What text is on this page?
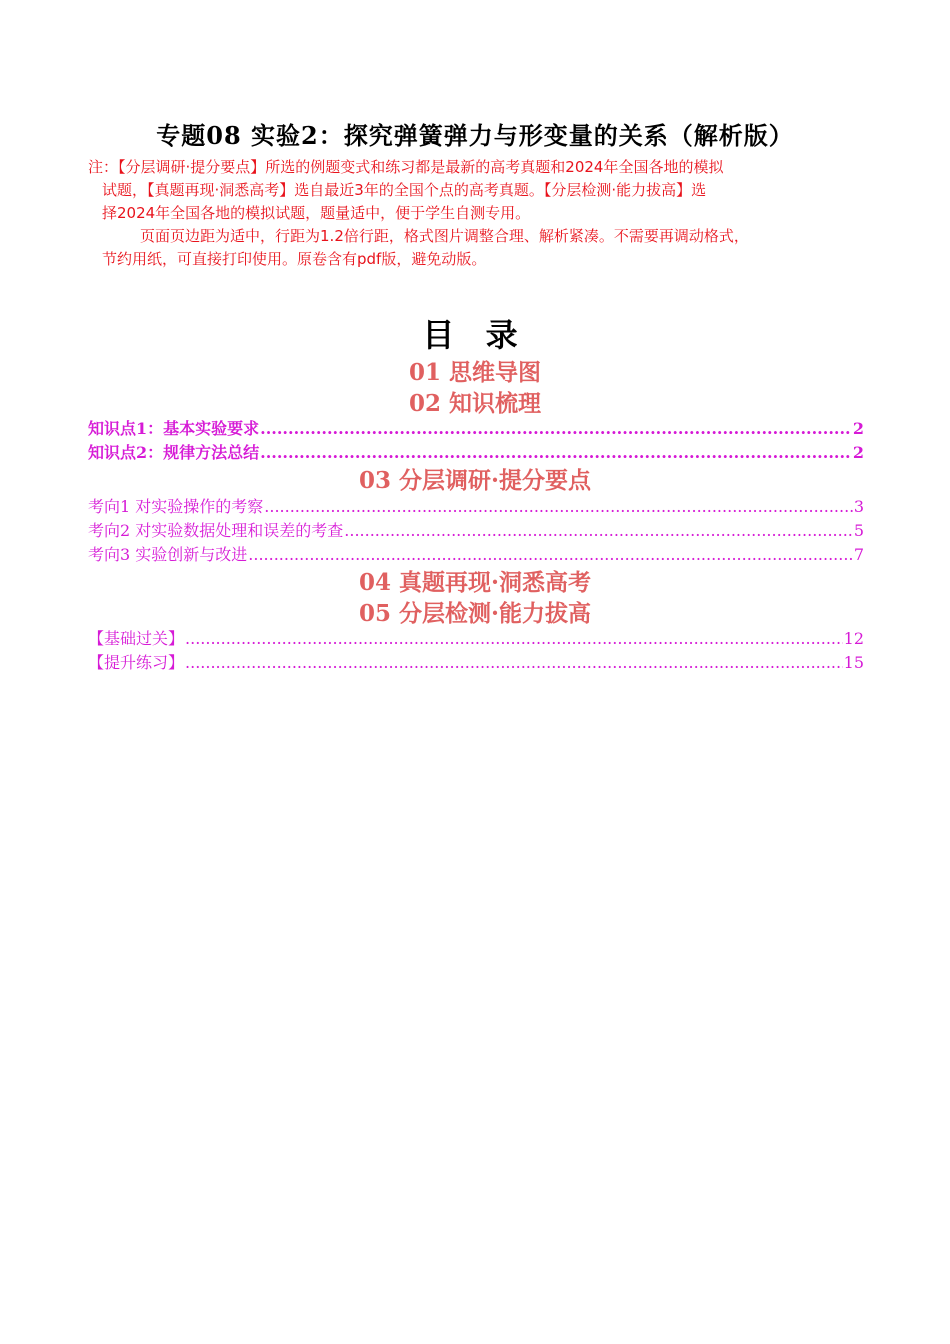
专题08 实验2：探究弹簧弹力与形变量的关系（解析版）

注：【分层调研·提分要点】所选的例题变式和练习都是最新的高考真题和2024年全国各地的模拟

试题，【真题再现·洞悉高考】选自最近3年的全国个点的高考真题。【分层检测·能力拔高】选

择2024年全国各地的模拟试题，题量适中，便于学生自测专用。

页面页边距为适中，行距为1.2倍行距，格式图片调整合理、解析紧凑。不需要再调动格式，

节约用纸，可直接打印使用。原卷含有pdf版，避免动版。

目 录
01 思维导图
02 知识梳理
知识点1：基本实验要求 .....	2
知识点2：规律方法总结 .....	2
03 分层调研·提分要点
考向1 对实验操作的考察 .....	3
考向2 对实验数据处理和误差的考查 .....	5
考向3 实验创新与改进 .....	7
04 真题再现·洞悉高考
05 分层检测·能力拔高
【基础过关】 .....	12
【提升练习】 .....	15
